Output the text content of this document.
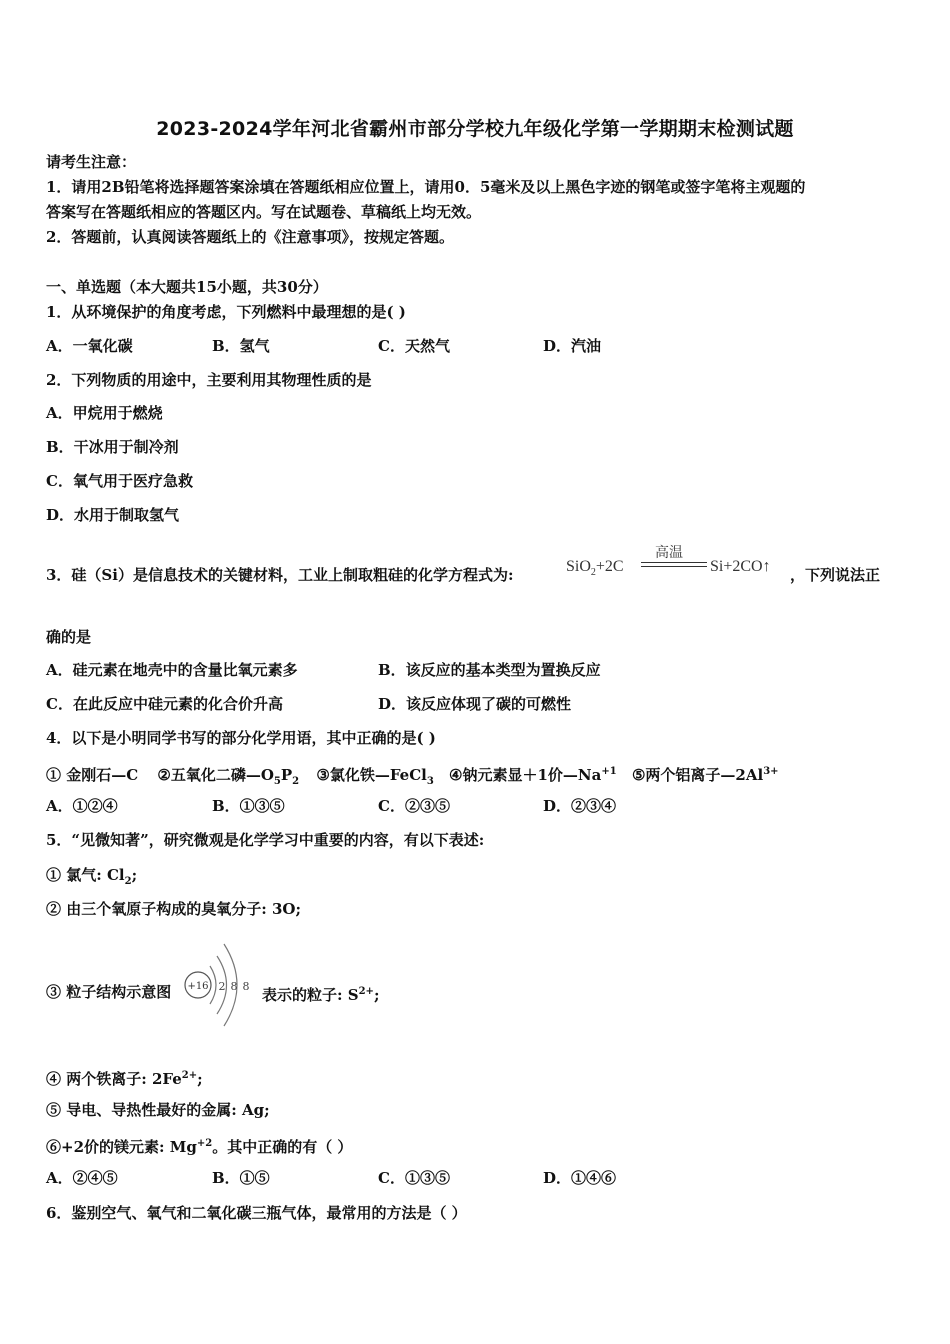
2023-2024学年河北省霸州市部分学校九年级化学第一学期期末检测试题
请考生注意：
1．请用2B铅笔将选择题答案涂填在答题纸相应位置上，请用0．5毫米及以上黑色字迹的钢笔或签字笔将主观题的
答案写在答题纸相应的答题区内。写在试题卷、草稿纸上均无效。
2．答题前，认真阅读答题纸上的《注意事项》，按规定答题。
一、单选题（本大题共15小题，共30分）
1．从环境保护的角度考虑，下列燃料中最理想的是( )
A．一氧化碳	B．氢气	C．天然气	D．汽油
2．下列物质的用途中，主要利用其物理性质的是
A．甲烷用于燃烧
B．干冰用于制冷剂
C．氧气用于医疗急救
D．水用于制取氢气
3．硅（Si）是信息技术的关键材料，工业上制取粗硅的化学方程式为:	SiO$_2$+2C
高温
Si+2CO↑ ，下列说法正
确的是
A．硅元素在地壳中的含量比氧元素多	B．该反应的基本类型为置换反应
C．在此反应中硅元素的化合价升高	D．该反应体现了碳的可燃性
4．以下是小明同学书写的部分化学用语，其中正确的是( )
① 金刚石—C ②五氧化二磷$—O_5P_2$ ③氯化铁—FeCl$_3$ ④钠元素显＋1价$—Na^{+1}$ ⑤两个铝离子$—2Al^{3+}$
A．①②④	B．①③⑤	C．②③⑤	D．②③④
5．“见微知著”，研究微观是化学学习中重要的内容，有以下表述:
① 氯气: $Cl_2$;
② 由三个氧原子构成的臭氧分子: 3O;
③ 粒子结构示意图 +16 2 8 8 表示的粒子: $S^{2+}$;
④ 两个铁离子: $2Fe^{2+}$;
⑤ 导电、导热性最好的金属: Ag;
⑥+2价的镁元素: $Mg^{+2}$。其中正确的有（ ）
A．②④⑤	B．①⑤	C．①③⑤	D．①④⑥
6．鉴别空气、氧气和二氧化碳三瓶气体，最常用的方法是（ ）
